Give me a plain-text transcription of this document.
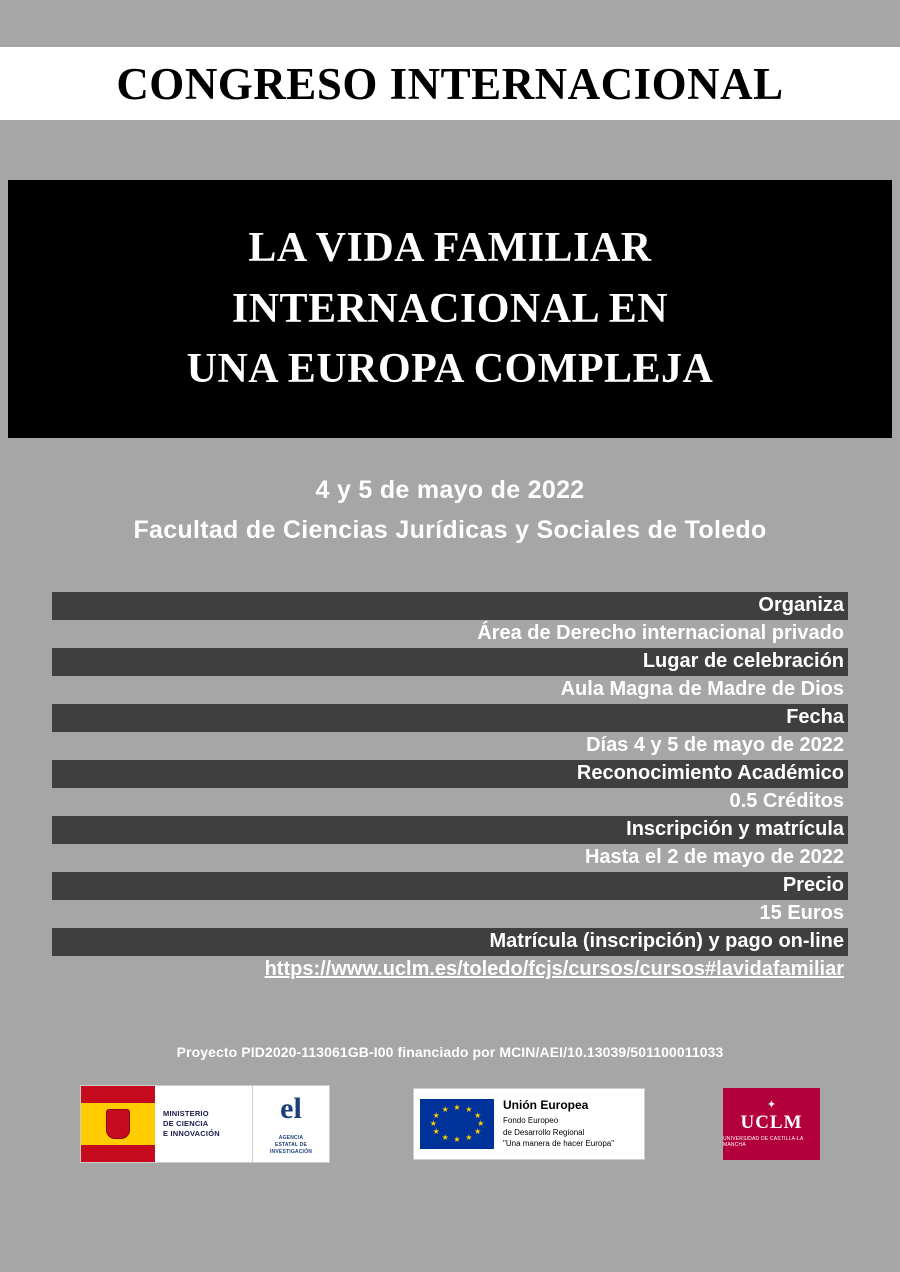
CONGRESO INTERNACIONAL
LA VIDA FAMILIAR
INTERNACIONAL EN
UNA EUROPA COMPLEJA
4 y 5 de mayo de 2022
Facultad de Ciencias Jurídicas y Sociales de Toledo
Organiza
Área de Derecho internacional privado
Lugar de celebración
Aula Magna de Madre de Dios
Fecha
Días 4 y 5 de mayo de 2022
Reconocimiento Académico
0.5 Créditos
Inscripción y matrícula
Hasta el 2 de mayo de 2022
Precio
15 Euros
Matrícula (inscripción) y pago on-line
https://www.uclm.es/toledo/fcjs/cursos/cursos#lavidafamiliar
Proyecto PID2020-113061GB-I00 financiado por MCIN/AEI/10.13039/501100011033
MINISTERIO
DE CIENCIA
E INNOVACIÓN
el
AGENCIA
ESTATAL DE
INVESTIGACIÓN
★ ★
★
★
★
★
★
★
★
★
★
★	Unión Europea
Fondo Europeo
de Desarrollo Regional
"Una manera de hacer Europa"
✦
UCLM
UNIVERSIDAD DE CASTILLA-LA MANCHA
